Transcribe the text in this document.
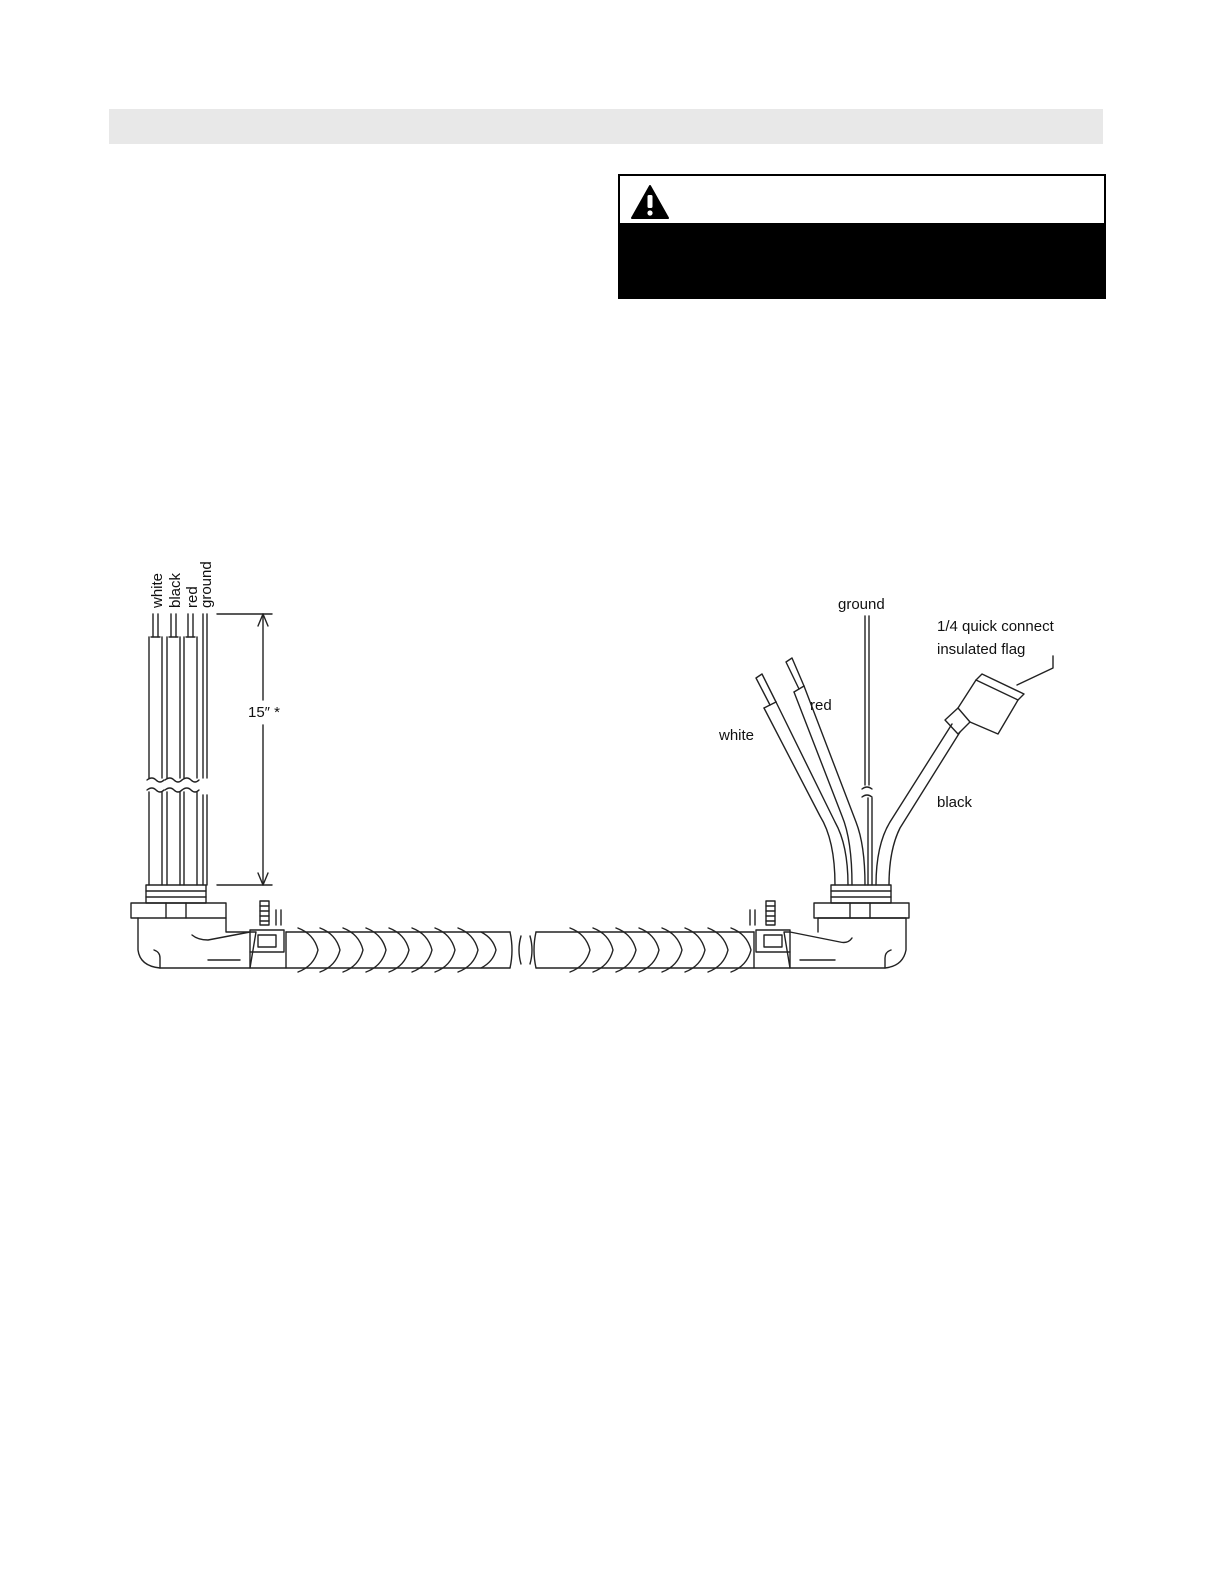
white black red
ground
15″ *
ground
1/4 quick connect
insulated flag
red
white
black
